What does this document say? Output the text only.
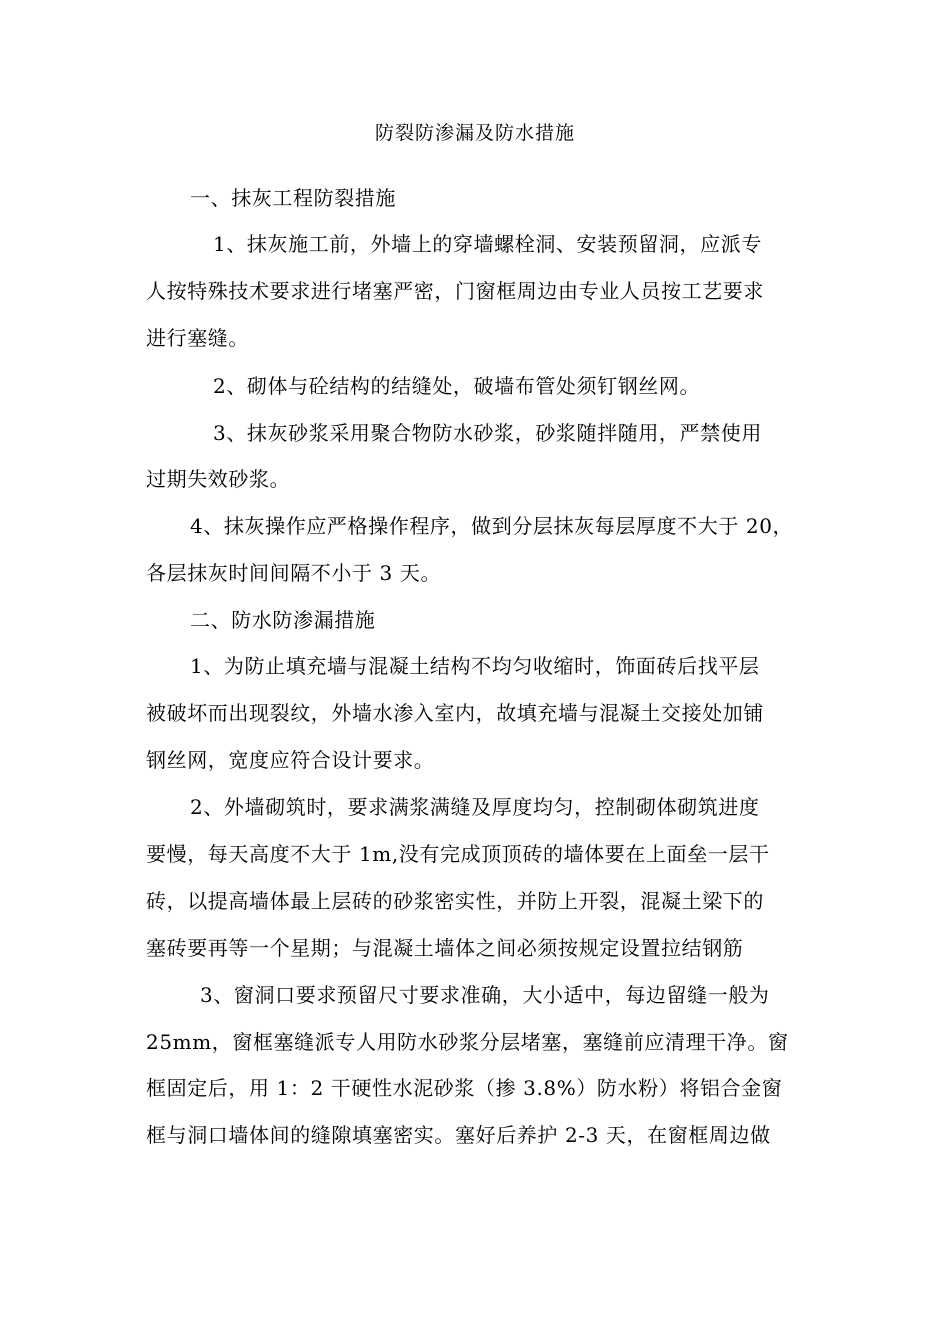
防裂防渗漏及防水措施
一、抹灰工程防裂措施
1、抹灰施工前，外墙上的穿墙螺栓洞、安装预留洞，应派专
人按特殊技术要求进行堵塞严密，门窗框周边由专业人员按工艺要求
进行塞缝。
2、砌体与砼结构的结缝处，破墙布管处须钉钢丝网。
3、抹灰砂浆采用聚合物防水砂浆，砂浆随拌随用，严禁使用
过期失效砂浆。
4、抹灰操作应严格操作程序，做到分层抹灰每层厚度不大于 20，
各层抹灰时间间隔不小于 3 天。
二、防水防渗漏措施
1、为防止填充墙与混凝土结构不均匀收缩时，饰面砖后找平层
被破坏而出现裂纹，外墙水渗入室内，故填充墙与混凝土交接处加铺
钢丝网，宽度应符合设计要求。
2、外墙砌筑时，要求满浆满缝及厚度均匀，控制砌体砌筑进度
要慢，每天高度不大于 1m,没有完成顶顶砖的墙体要在上面垒一层干
砖，以提高墙体最上层砖的砂浆密实性，并防上开裂，混凝土梁下的
塞砖要再等一个星期；与混凝土墙体之间必须按规定设置拉结钢筋
3、窗洞口要求预留尺寸要求准确，大小适中，每边留缝一般为
25mm，窗框塞缝派专人用防水砂浆分层堵塞，塞缝前应清理干净。窗
框固定后，用 1：2 干硬性水泥砂浆（掺 3.8%）防水粉）将铝合金窗
框与洞口墙体间的缝隙填塞密实。塞好后养护 2-3 天，在窗框周边做
